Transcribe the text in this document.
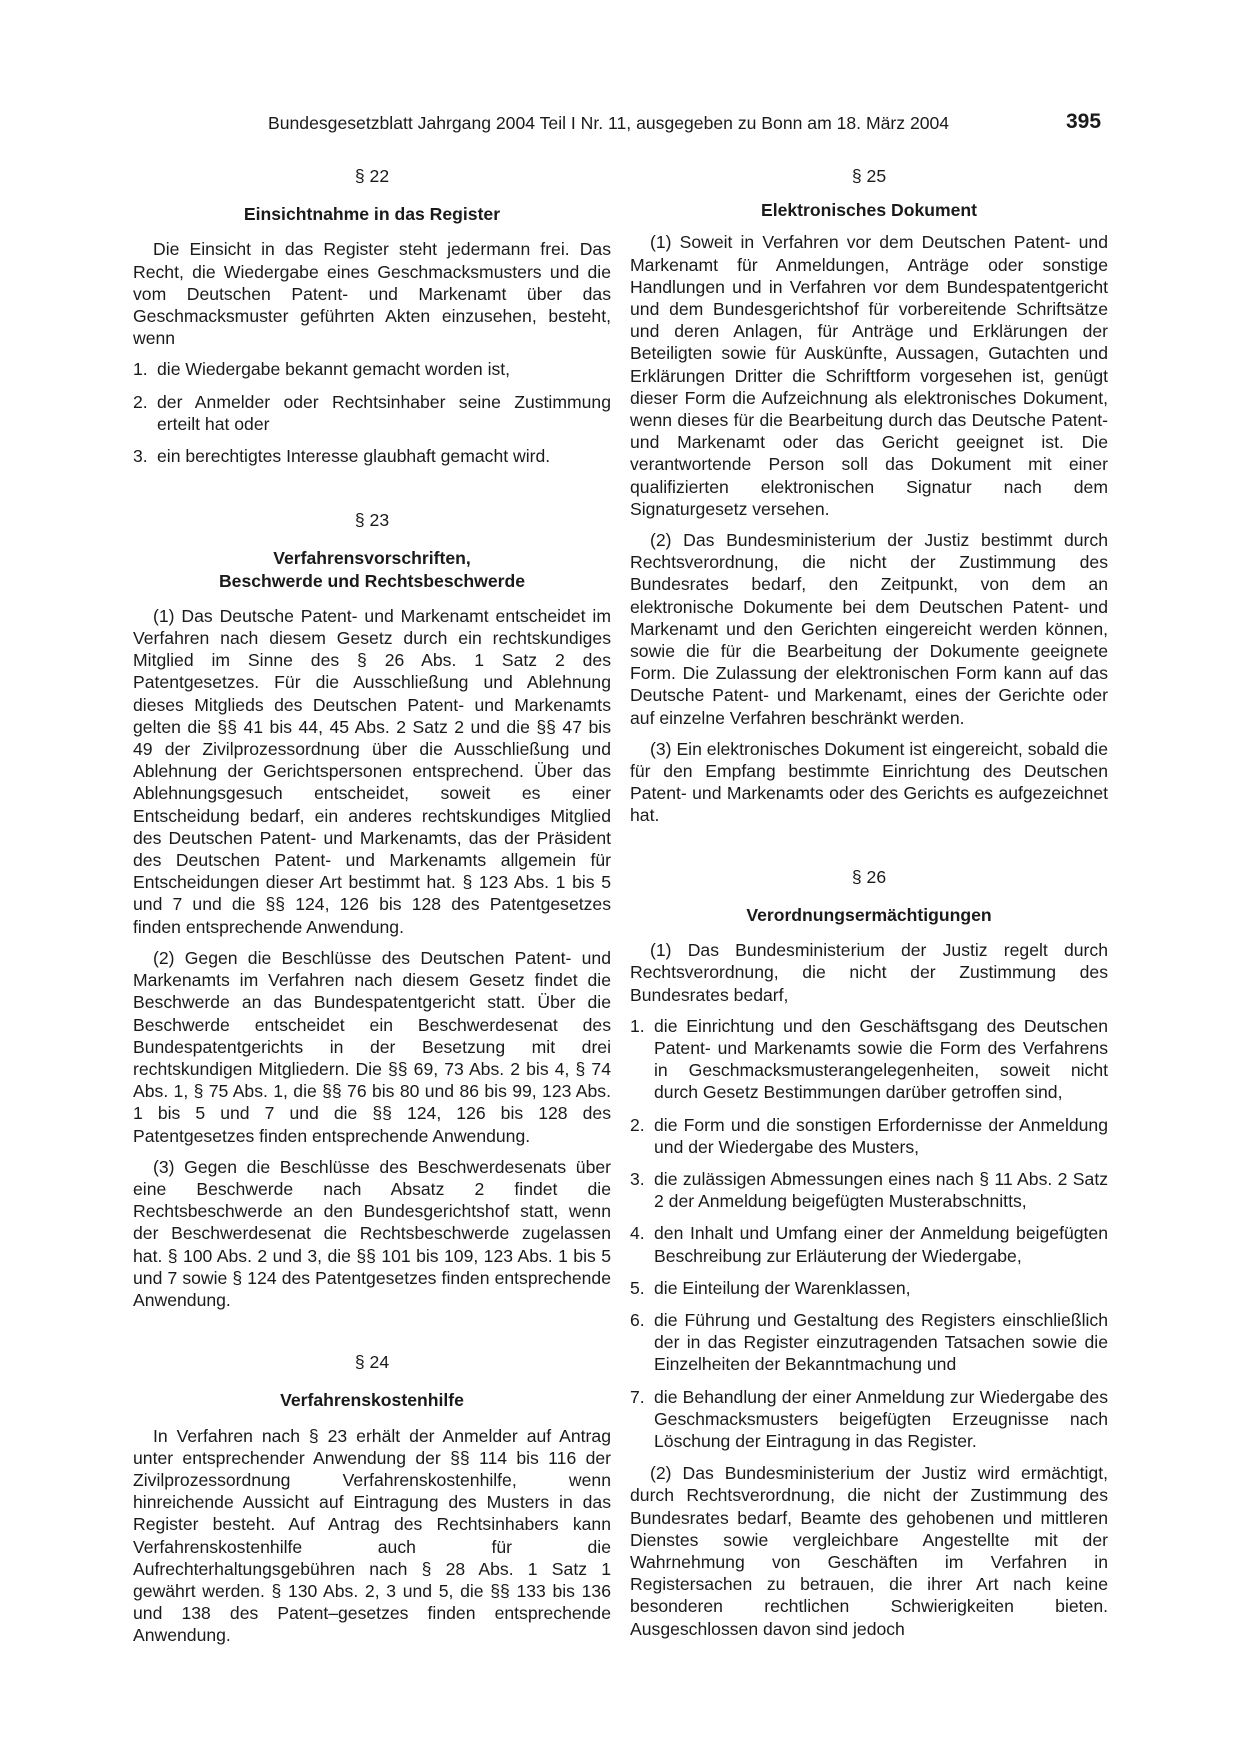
Bundesgesetzblatt Jahrgang 2004 Teil I Nr. 11, ausgegeben zu Bonn am 18. März 2004	395

§ 22

Einsichtnahme in das Register

Die Einsicht in das Register steht jedermann frei. Das Recht, die Wiedergabe eines Geschmacksmusters und die vom Deutschen Patent- und Markenamt über das Geschmacksmuster geführten Akten einzusehen, besteht, wenn

1. die Wiedergabe bekannt gemacht worden ist,
2. der Anmelder oder Rechtsinhaber seine Zustimmung erteilt hat oder
3. ein berechtigtes Interesse glaubhaft gemacht wird.

§ 23

Verfahrensvorschriften,
Beschwerde und Rechtsbeschwerde

(1) Das Deutsche Patent- und Markenamt entscheidet im Verfahren nach diesem Gesetz durch ein rechtskundiges Mitglied im Sinne des § 26 Abs. 1 Satz 2 des Patentgesetzes. Für die Ausschließung und Ablehnung dieses Mitglieds des Deutschen Patent- und Markenamts gelten die §§ 41 bis 44, 45 Abs. 2 Satz 2 und die §§ 47 bis 49 der Zivilprozessordnung über die Ausschließung und Ablehnung der Gerichtspersonen entsprechend. Über das Ablehnungsgesuch entscheidet, soweit es einer Entscheidung bedarf, ein anderes rechtskundiges Mitglied des Deutschen Patent- und Markenamts, das der Präsident des Deutschen Patent- und Markenamts allgemein für Entscheidungen dieser Art bestimmt hat. § 123 Abs. 1 bis 5 und 7 und die §§ 124, 126 bis 128 des Patentgesetzes finden entsprechende Anwendung.

(2) Gegen die Beschlüsse des Deutschen Patent- und Markenamts im Verfahren nach diesem Gesetz findet die Beschwerde an das Bundespatentgericht statt. Über die Beschwerde entscheidet ein Beschwerdesenat des Bundespatentgerichts in der Besetzung mit drei rechtskundigen Mitgliedern. Die §§ 69, 73 Abs. 2 bis 4, § 74 Abs. 1, § 75 Abs. 1, die §§ 76 bis 80 und 86 bis 99, 123 Abs. 1 bis 5 und 7 und die §§ 124, 126 bis 128 des Patentgesetzes finden entsprechende Anwendung.

(3) Gegen die Beschlüsse des Beschwerdesenats über eine Beschwerde nach Absatz 2 findet die Rechtsbeschwerde an den Bundesgerichtshof statt, wenn der Beschwerdesenat die Rechtsbeschwerde zugelassen hat. § 100 Abs. 2 und 3, die §§ 101 bis 109, 123 Abs. 1 bis 5 und 7 sowie § 124 des Patentgesetzes finden entsprechende Anwendung.

§ 24

Verfahrenskostenhilfe

In Verfahren nach § 23 erhält der Anmelder auf Antrag unter entsprechender Anwendung der §§ 114 bis 116 der Zivilprozessordnung Verfahrenskostenhilfe, wenn hinreichende Aussicht auf Eintragung des Musters in das Register besteht. Auf Antrag des Rechtsinhabers kann Verfahrenskostenhilfe auch für die Aufrechterhaltungsgebühren nach § 28 Abs. 1 Satz 1 gewährt werden. § 130 Abs. 2, 3 und 5, die §§ 133 bis 136 und 138 des Patent–gesetzes finden entsprechende Anwendung.

§ 25

Elektronisches Dokument

(1) Soweit in Verfahren vor dem Deutschen Patent- und Markenamt für Anmeldungen, Anträge oder sonstige Handlungen und in Verfahren vor dem Bundespatentgericht und dem Bundesgerichtshof für vorbereitende Schriftsätze und deren Anlagen, für Anträge und Erklärungen der Beteiligten sowie für Auskünfte, Aussagen, Gutachten und Erklärungen Dritter die Schriftform vorgesehen ist, genügt dieser Form die Aufzeichnung als elektronisches Dokument, wenn dieses für die Bearbeitung durch das Deutsche Patent- und Markenamt oder das Gericht geeignet ist. Die verantwortende Person soll das Dokument mit einer qualifizierten elektronischen Signatur nach dem Signaturgesetz versehen.

(2) Das Bundesministerium der Justiz bestimmt durch Rechtsverordnung, die nicht der Zustimmung des Bundesrates bedarf, den Zeitpunkt, von dem an elektronische Dokumente bei dem Deutschen Patent- und Markenamt und den Gerichten eingereicht werden können, sowie die für die Bearbeitung der Dokumente geeignete Form. Die Zulassung der elektronischen Form kann auf das Deutsche Patent- und Markenamt, eines der Gerichte oder auf einzelne Verfahren beschränkt werden.

(3) Ein elektronisches Dokument ist eingereicht, sobald die für den Empfang bestimmte Einrichtung des Deutschen Patent- und Markenamts oder des Gerichts es aufgezeichnet hat.

§ 26

Verordnungsermächtigungen

(1) Das Bundesministerium der Justiz regelt durch Rechtsverordnung, die nicht der Zustimmung des Bundesrates bedarf,

1. die Einrichtung und den Geschäftsgang des Deutschen Patent- und Markenamts sowie die Form des Verfahrens in Geschmacksmusterangelegenheiten, soweit nicht durch Gesetz Bestimmungen darüber getroffen sind,
2. die Form und die sonstigen Erfordernisse der Anmeldung und der Wiedergabe des Musters,
3. die zulässigen Abmessungen eines nach § 11 Abs. 2 Satz 2 der Anmeldung beigefügten Musterabschnitts,
4. den Inhalt und Umfang einer der Anmeldung beigefügten Beschreibung zur Erläuterung der Wiedergabe,
5. die Einteilung der Warenklassen,
6. die Führung und Gestaltung des Registers einschließlich der in das Register einzutragenden Tatsachen sowie die Einzelheiten der Bekanntmachung und
7. die Behandlung der einer Anmeldung zur Wiedergabe des Geschmacksmusters beigefügten Erzeugnisse nach Löschung der Eintragung in das Register.

(2) Das Bundesministerium der Justiz wird ermächtigt, durch Rechtsverordnung, die nicht der Zustimmung des Bundesrates bedarf, Beamte des gehobenen und mittleren Dienstes sowie vergleichbare Angestellte mit der Wahrnehmung von Geschäften im Verfahren in Registersachen zu betrauen, die ihrer Art nach keine besonderen rechtlichen Schwierigkeiten bieten. Ausgeschlossen davon sind jedoch
